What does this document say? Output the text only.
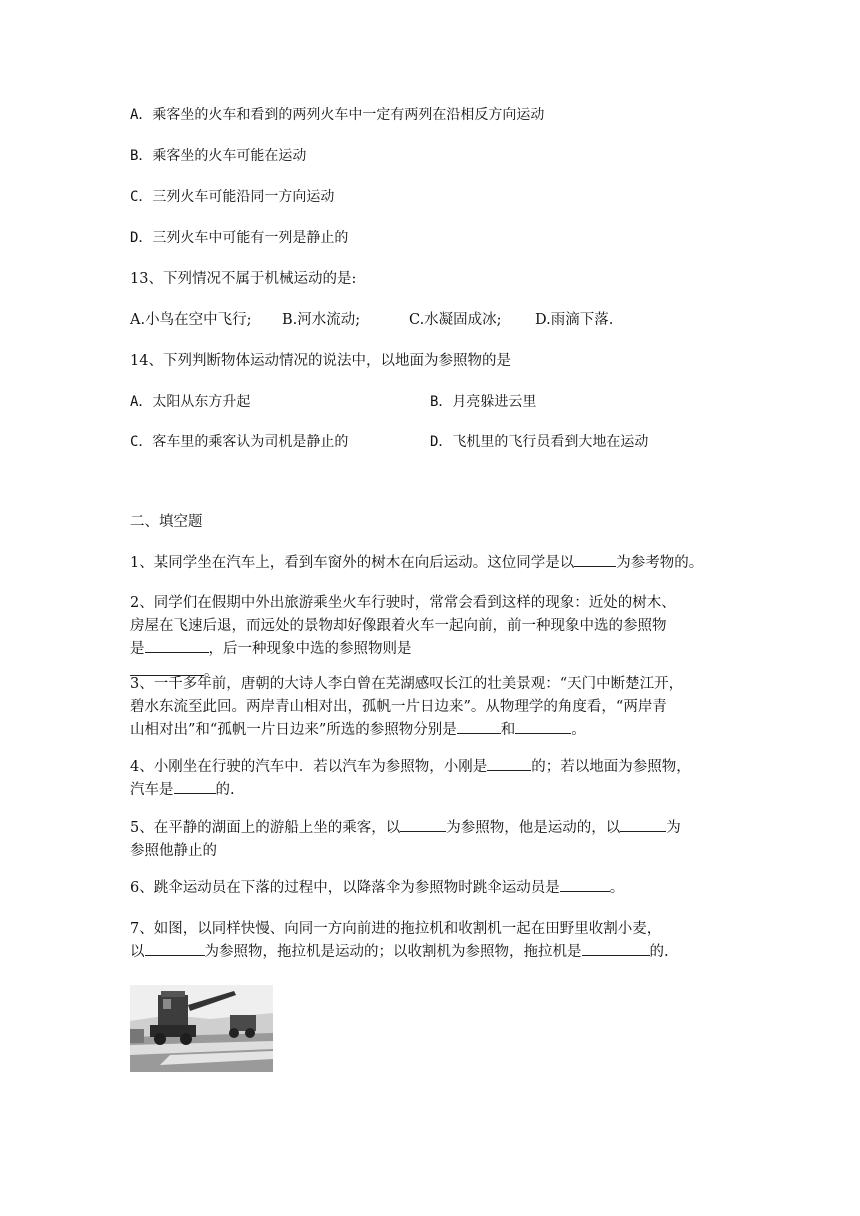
A．乘客坐的火车和看到的两列火车中一定有两列在沿相反方向运动
B．乘客坐的火车可能在运动
C．三列火车可能沿同一方向运动
D．三列火车中可能有一列是静止的
13、下列情况不属于机械运动的是:
A.小鸟在空中飞行; B.河水流动;	C.水凝固成冰; D.雨滴下落.
14、下列判断物体运动情况的说法中，以地面为参照物的是
A．太阳从东方升起	B．月亮躲进云里
C．客车里的乘客认为司机是静止的	D．飞机里的飞行员看到大地在运动
二、填空题
1、某同学坐在汽车上，看到车窗外的树木在向后运动。这位同学是以	为参考物的。
2、同学们在假期中外出旅游乘坐火车行驶时，常常会看到这样的现象：近处的树木、
房屋在飞速后退，而远处的景物却好像跟着火车一起向前，前一种现象中选的参照物
是	，后一种现象中选的参照物则是
。
3、一千多年前，唐朝的大诗人李白曾在芜湖感叹长江的壮美景观：“天门中断楚江开，
碧水东流至此回。两岸青山相对出，孤帆一片日边来”。从物理学的角度看，“两岸青
山相对出”和“孤帆一片日边来”所选的参照物分别是	和	。
4、小刚坐在行驶的汽车中．若以汽车为参照物，小刚是	的；若以地面为参照物，
汽车是	的.
5、在平静的湖面上的游船上坐的乘客，以	为参照物，他是运动的，以	为
参照他静止的
6、跳伞运动员在下落的过程中，以降落伞为参照物时跳伞运动员是	。
7、如图，以同样快慢、向同一方向前进的拖拉机和收割机一起在田野里收割小麦，
以	为参照物，拖拉机是运动的；以收割机为参照物，拖拉机是	的.
